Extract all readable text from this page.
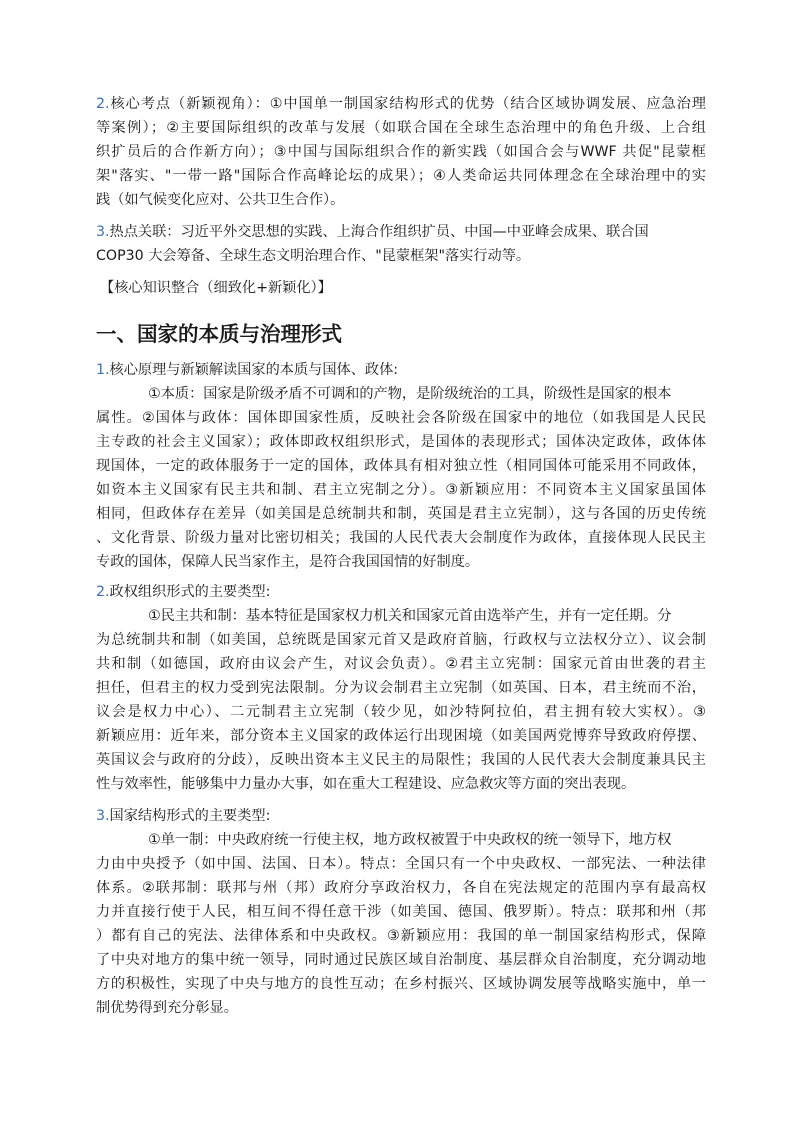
2.核心考点（新颖视角）：①中国单一制国家结构形式的优势（结合区域协调发展、应急治理
等案例）；②主要国际组织的改革与发展（如联合国在全球生态治理中的角色升级、上合组
织扩员后的合作新方向）；③中国与国际组织合作的新实践（如国合会与WWF 共促"昆蒙框
架"落实、"一带一路"国际合作高峰论坛的成果）；④人类命运共同体理念在全球治理中的实
践（如气候变化应对、公共卫生合作）。
3.热点关联：习近平外交思想的实践、上海合作组织扩员、中国—中亚峰会成果、联合国
COP30 大会筹备、全球生态文明治理合作、"昆蒙框架"落实行动等。
【核心知识整合（细致化+新颖化）】
一、国家的本质与治理形式
1.核心原理与新颖解读国家的本质与国体、政体:
①本质：国家是阶级矛盾不可调和的产物，是阶级统治的工具，阶级性是国家的根本
属性。②国体与政体：国体即国家性质，反映社会各阶级在国家中的地位（如我国是人民民
主专政的社会主义国家）；政体即政权组织形式，是国体的表现形式；国体决定政体，政体体
现国体，一定的政体服务于一定的国体，政体具有相对独立性（相同国体可能采用不同政体，
如资本主义国家有民主共和制、君主立宪制之分）。③新颖应用：不同资本主义国家虽国体
相同，但政体存在差异（如美国是总统制共和制，英国是君主立宪制），这与各国的历史传统
、文化背景、阶级力量对比密切相关；我国的人民代表大会制度作为政体，直接体现人民民主
专政的国体，保障人民当家作主，是符合我国国情的好制度。
2.政权组织形式的主要类型:
①民主共和制：基本特征是国家权力机关和国家元首由选举产生，并有一定任期。分
为总统制共和制（如美国，总统既是国家元首又是政府首脑，行政权与立法权分立）、议会制
共和制（如德国，政府由议会产生，对议会负责）。②君主立宪制：国家元首由世袭的君主
担任，但君主的权力受到宪法限制。分为议会制君主立宪制（如英国、日本，君主统而不治，
议会是权力中心）、二元制君主立宪制（较少见，如沙特阿拉伯，君主拥有较大实权）。③
新颖应用：近年来，部分资本主义国家的政体运行出现困境（如美国两党博弈导致政府停摆、
英国议会与政府的分歧），反映出资本主义民主的局限性；我国的人民代表大会制度兼具民主
性与效率性，能够集中力量办大事，如在重大工程建设、应急救灾等方面的突出表现。
3.国家结构形式的主要类型:
①单一制：中央政府统一行使主权，地方政权被置于中央政权的统一领导下，地方权
力由中央授予（如中国、法国、日本）。特点：全国只有一个中央政权、一部宪法、一种法律
体系。②联邦制：联邦与州（邦）政府分享政治权力，各自在宪法规定的范围内享有最高权
力并直接行使于人民，相互间不得任意干涉（如美国、德国、俄罗斯）。特点：联邦和州（邦
）都有自己的宪法、法律体系和中央政权。③新颖应用：我国的单一制国家结构形式，保障
了中央对地方的集中统一领导，同时通过民族区域自治制度、基层群众自治制度，充分调动地
方的积极性，实现了中央与地方的良性互动；在乡村振兴、区域协调发展等战略实施中，单一
制优势得到充分彰显。
